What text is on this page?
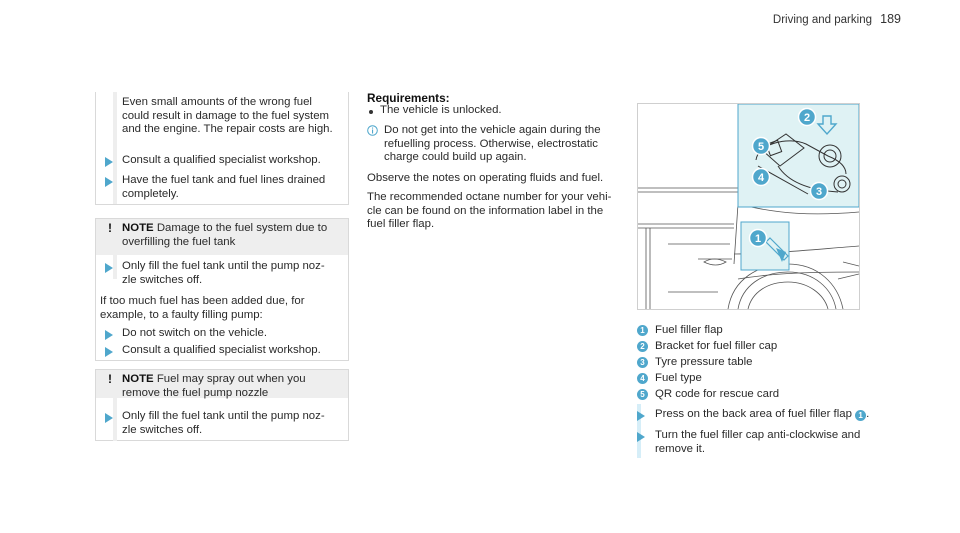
Driving and parking 189

Even small amounts of the wrong fuel

could result in damage to the fuel system

and the engine. The repair costs are high.

Consult a qualified specialist workshop.

Have the fuel tank and fuel lines drained

completely.

! NOTE Damage to the fuel system due to

overfilling the fuel tank

Only fill the fuel tank until the pump noz-

zle switches off.

If too much fuel has been added due, for

example, to a faulty filling pump:

Do not switch on the vehicle.

Consult a qualified specialist workshop.

! NOTE Fuel may spray out when you

remove the fuel pump nozzle

Only fill the fuel tank until the pump noz-

zle switches off.

Requirements:
The vehicle is unlocked.

Do not get into the vehicle again during the

refuelling process. Otherwise, electrostatic

charge could build up again.

Observe the notes on operating fluids and fuel.

The recommended octane number for your vehi-

cle can be found on the information label in the

fuel filler flap.

2
5
4
3
1
1 Fuel filler flap
2 Bracket for fuel filler cap
3 Tyre pressure table
4 Fuel type
5 QR code for rescue card
Press on the back area of fuel filler flap 1 .

Turn the fuel filler cap anti-clockwise and

remove it.
